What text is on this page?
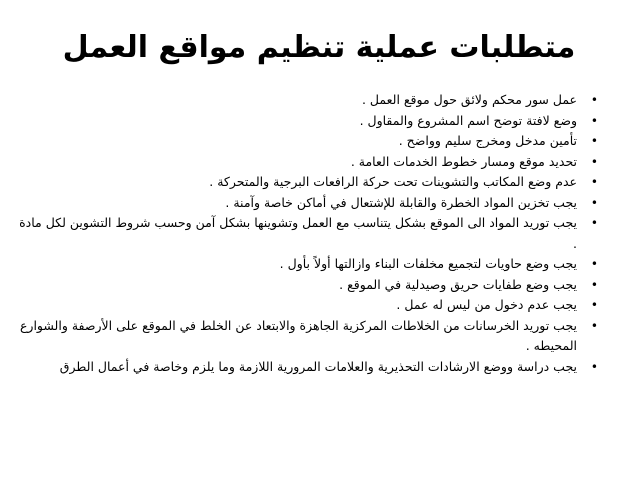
متطلبات عملية تنظيم مواقع العمل
•
عمل سور محكم ولائق حول موقع العمل .
•
وضع لافتة توضح اسم المشروع والمقاول .
•
تأمين مدخل ومخرج سليم وواضح .
•
تحديد موقع ومسار خطوط الخدمات العامة .
•
عدم وضع المكاتب والتشوينات تحت حركة الرافعات البرجية والمتحركة .
•
يجب تخزين المواد الخطرة والقابلة للإشتعال في أماكن خاصة وآمنة .
•
يجب توريد المواد الى الموقع بشكل يتناسب مع العمل وتشوينها بشكل آمن وحسب شروط التشوين لكل مادة .
•
يجب وضع حاويات لتجميع مخلفات البناء وازالتها أولاً بأول .
•
يجب وضع طفايات حريق وصيدلية في الموقع .
•
يجب عدم دخول من ليس له عمل .
•
يجب توريد الخرسانات من الخلاطات المركزية الجاهزة والابتعاد عن الخلط في الموقع على الأرصفة والشوارع المحيطه .
•
يجب دراسة ووضع الارشادات التحذيرية والعلامات المرورية اللازمة وما يلزم وخاصة في أعمال الطرق
